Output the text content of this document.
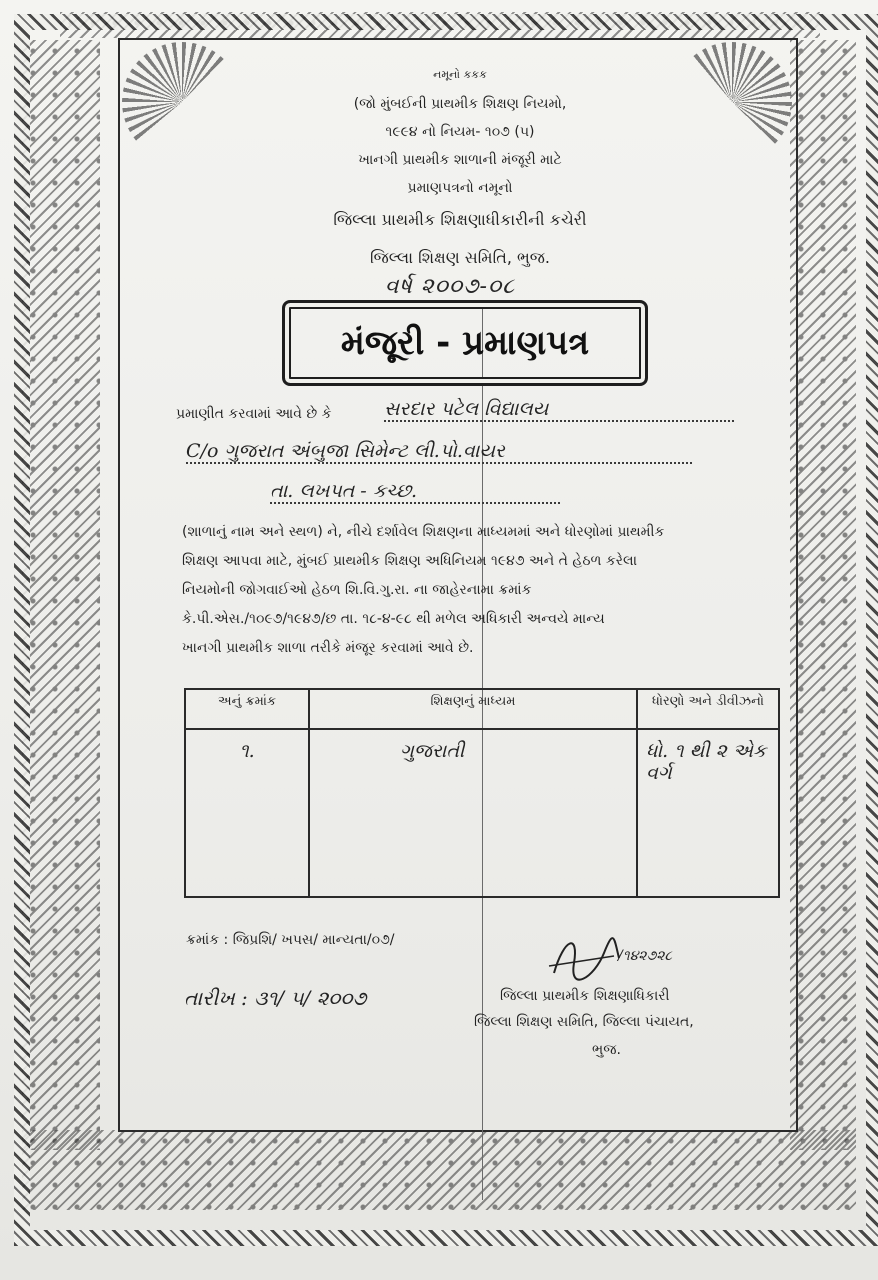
નમૂનો કકક
(જો મુંબઈની પ્રાથમીક શિક્ષણ નિયમો,
૧૯૯૪ નો નિયમ- ૧૦૭ (૫)
ખાનગી પ્રાથમીક શાળાની મંજૂરી માટે
પ્રમાણપત્રનો નમૂનો
જિલ્લા પ્રાથમીક શિક્ષણાધીકારીની કચેરી
જિલ્લા શિક્ષણ સમિતિ, ભુજ.
વર્ષ ૨૦૦૭-૦૮
મંજૂરી - પ્રમાણપત્ર
પ્રમાણીત કરવામાં આવે છે કે	સરદાર પટેલ વિદ્યાલય
C/o ગુજરાત અંબુજા સિમેન્ટ લી.પો.વાયર
તા. લખપત - કચ્છ.
(શાળાનું નામ અને સ્થળ) ને, નીચે દર્શાવેલ શિક્ષણના માધ્યમમાં અને ધોરણોમાં પ્રાથમીક
શિક્ષણ આપવા માટે, મુંબઈ પ્રાથમીક શિક્ષણ અધિનિયમ ૧૯૪૭ અને તે હેઠળ કરેલા
નિયમોની જોગવાઈઓ હેઠળ શિ.વિ.ગુ.રા. ના જાહેરનામા ક્રમાંક
કે.પી.એસ./૧૦૯૭/૧૯૪૭/છ તા. ૧૮-૪-૯૮ થી મળેલ અધિકારી અન્વયે માન્ય
ખાનગી પ્રાથમીક શાળા તરીકે મંજૂર કરવામાં આવે છે.
અનું ક્રમાંક	શિક્ષણનું માધ્યમ	ધોરણો અને ડીવીઝનો
૧.	ગુજરાતી	ધો. ૧ થી ૨ એક વર્ગ
ક્રમાંક : જિપ્રશિ/ ખપસ/ માન્યતા/૦૭/
/૧૪૨૭૨૮
તારીખ : ૩૧/ ૫/ ૨૦૦૭	જિલ્લા પ્રાથમીક શિક્ષણાધિકારી
જિલ્લા શિક્ષણ સમિતિ, જિલ્લા પંચાયત,
ભુજ.
